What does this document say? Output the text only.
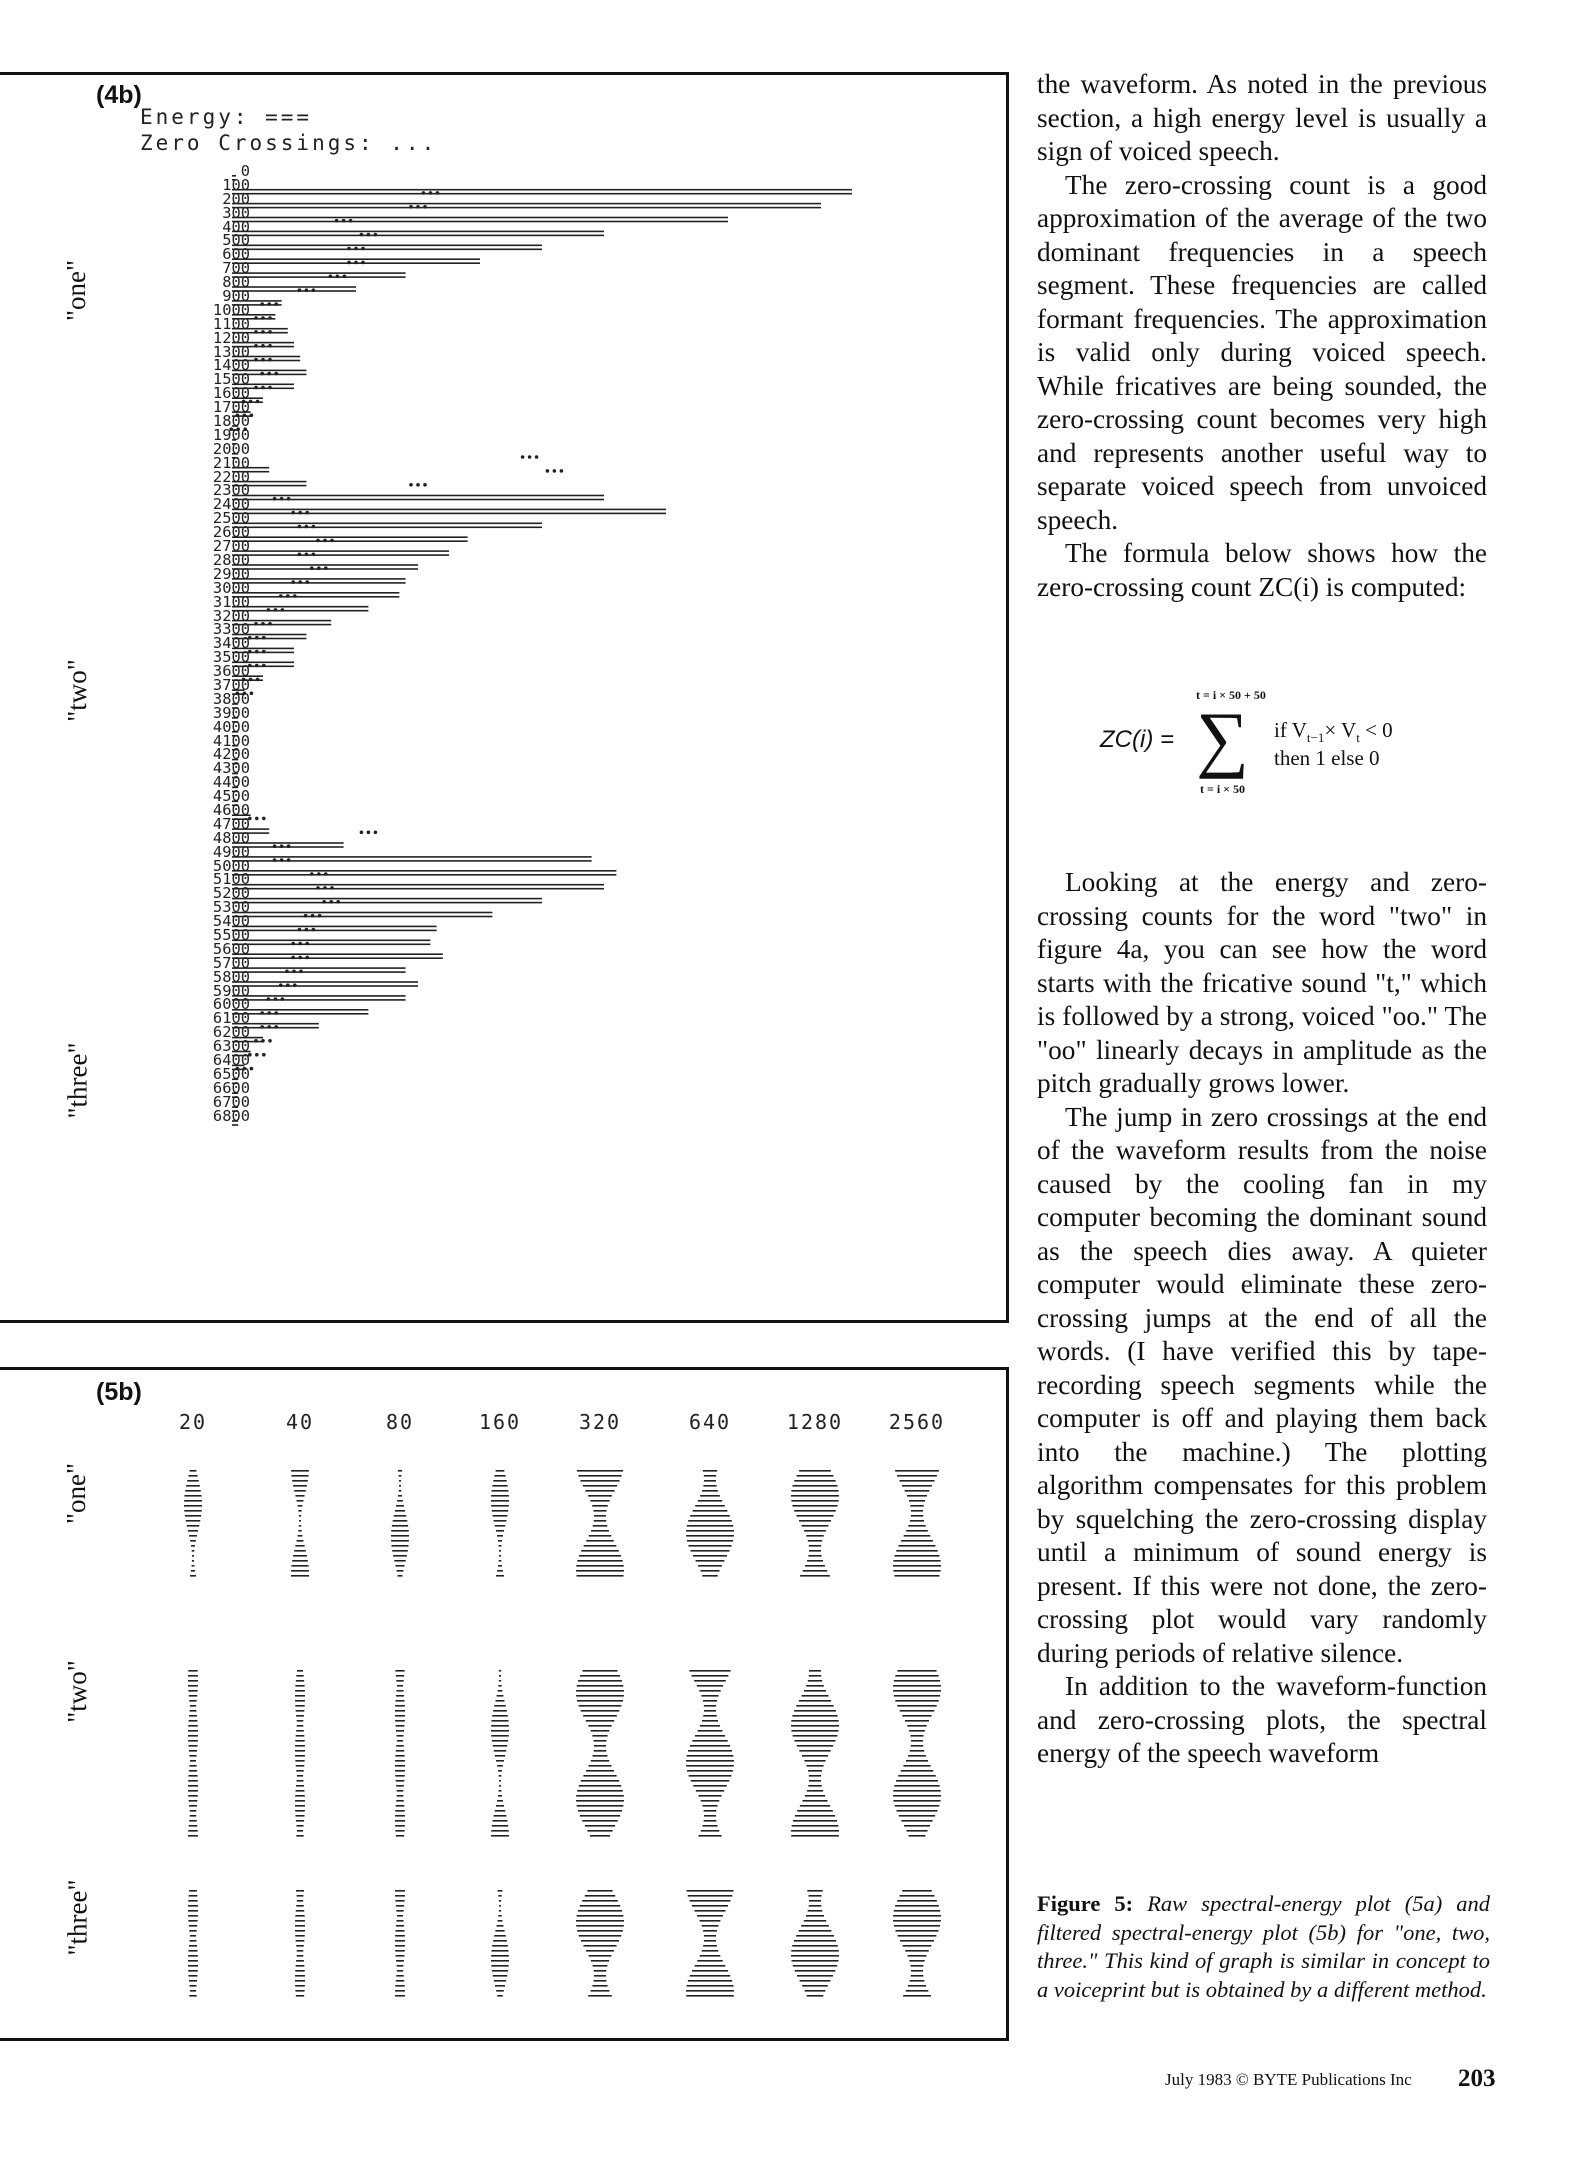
(4b)
Energy: ===
Zero Crossings: ...
0
100
200
300
400
500
600
700
800
900
1000
1100
1200
1300
1400
1500
1600
1700
1800
1900
2000
2100
2200
2300
2400
2500
2600
2700
2800
2900
3000
3100
3200
3300
3400
3500
3600
3700
3800
3900
4000
4100
4200
4300
4400
4500
4600
4700
4800
4900
5000
5100
5200
5300
5400
5500
5600
5700
5800
5900
6000
6100
6200
6300
6400
6500
6600
6700
6800
"one"
"two"
"three"
(5b)
20	40	80	160	320	640	1280	2560
"one"
"two"
"three"

the waveform. As noted in the previous section, a high energy level is usually a sign of voiced speech.

The zero-crossing count is a good approximation of the average of the two dominant frequencies in a speech segment. These frequencies are called formant frequencies. The approximation is valid only during voiced speech. While fricatives are being sounded, the zero-crossing count becomes very high and represents another useful way to separate voiced speech from unvoiced speech.

The formula below shows how the zero-crossing count ZC(i) is computed:

ZC(i) =
t = i × 50 + 50
∑
t = i × 50
if $V_{t-1}\times V_t < 0$
then 1 else 0

Looking at the energy and zero-crossing counts for the word "two" in figure 4a, you can see how the word starts with the fricative sound "t," which is followed by a strong, voiced "oo." The "oo" linearly decays in amplitude as the pitch gradually grows lower.

The jump in zero crossings at the end of the waveform results from the noise caused by the cooling fan in my computer becoming the dominant sound as the speech dies away. A quieter computer would eliminate these zero-crossing jumps at the end of all the words. (I have verified this by tape-recording speech segments while the computer is off and playing them back into the machine.) The plotting algorithm compensates for this problem by squelching the zero-crossing display until a minimum of sound energy is present. If this were not done, the zero-crossing plot would vary randomly during periods of relative silence.

In addition to the waveform-function and zero-crossing plots, the spectral energy of the speech waveform

Figure 5: Raw spectral-energy plot (5a) and filtered spectral-energy plot (5b) for "one, two, three." This kind of graph is similar in concept to a voiceprint but is obtained by a different method.
July 1983 © BYTE Publications Inc 203
